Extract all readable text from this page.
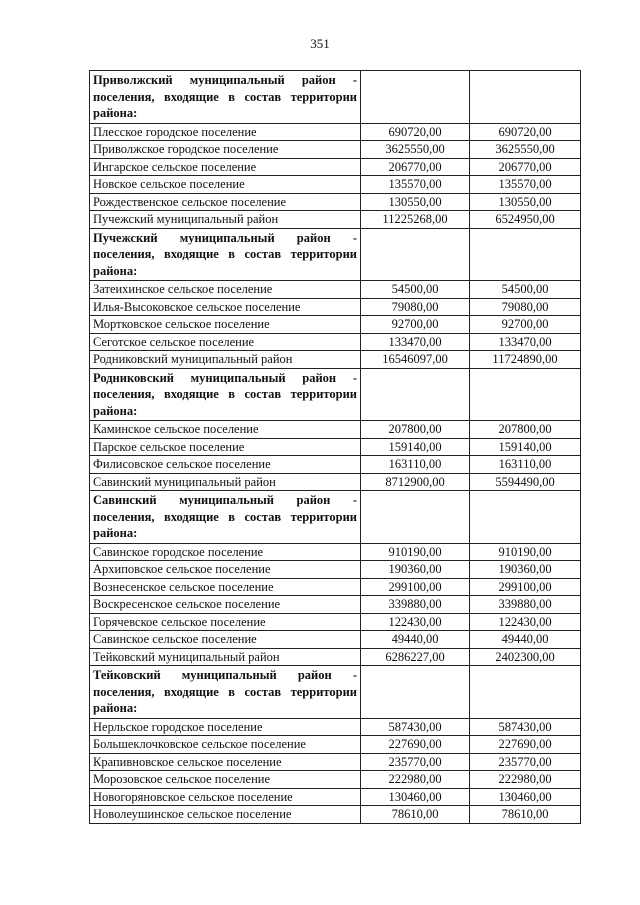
351
Приволжский муниципальный район - поселения, входящие в состав территории района:		
Плесское городское поселение	690720,00	690720,00
Приволжское городское поселение	3625550,00	3625550,00
Ингарское сельское поселение	206770,00	206770,00
Новское сельское поселение	135570,00	135570,00
Рождественское сельское поселение	130550,00	130550,00
Пучежский муниципальный район	11225268,00	6524950,00
Пучежский муниципальный район - поселения, входящие в состав территории района:		
Затеихинское сельское поселение	54500,00	54500,00
Илья-Высоковское сельское поселение	79080,00	79080,00
Мортковское сельское поселение	92700,00	92700,00
Сеготское сельское поселение	133470,00	133470,00
Родниковский муниципальный район	16546097,00	11724890,00
Родниковский муниципальный район - поселения, входящие в состав территории района:		
Каминское сельское поселение	207800,00	207800,00
Парское сельское поселение	159140,00	159140,00
Филисовское сельское поселение	163110,00	163110,00
Савинский муниципальный район	8712900,00	5594490,00
Савинский муниципальный район - поселения, входящие в состав территории района:		
Савинское городское поселение	910190,00	910190,00
Архиповское сельское поселение	190360,00	190360,00
Вознесенское сельское поселение	299100,00	299100,00
Воскресенское сельское поселение	339880,00	339880,00
Горячевское сельское поселение	122430,00	122430,00
Савинское сельское поселение	49440,00	49440,00
Тейковский муниципальный район	6286227,00	2402300,00
Тейковский муниципальный район - поселения, входящие в состав территории района:		
Нерльское городское поселение	587430,00	587430,00
Большеклочковское сельское поселение	227690,00	227690,00
Крапивновское сельское поселение	235770,00	235770,00
Морозовское сельское поселение	222980,00	222980,00
Новогоряновское сельское поселение	130460,00	130460,00
Новолеушинское сельское поселение	78610,00	78610,00
